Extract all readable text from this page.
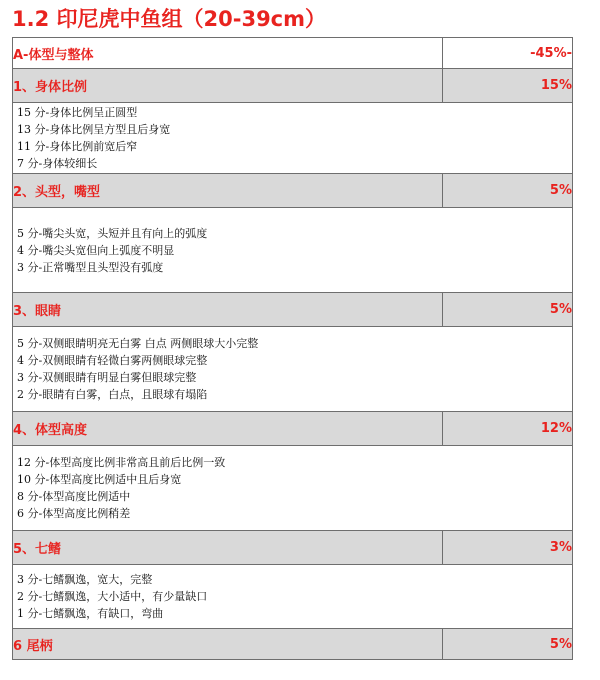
1.2 印尼虎中鱼组（20-39cm）
A-体型与整体	-45%-
1、身体比例	15%

15 分-身体比例呈正圆型
13 分-身体比例呈方型且后身宽
11 分-身体比例前宽后窄
7 分-身体较细长	

2、头型，嘴型	5%

5 分-嘴尖头宽，头短并且有向上的弧度
4 分-嘴尖头宽但向上弧度不明显
3 分-正常嘴型且头型没有弧度	

3、眼睛	5%

5 分-双侧眼睛明亮无白雾 白点 两侧眼球大小完整
4 分-双侧眼睛有轻微白雾两侧眼球完整
3 分-双侧眼睛有明显白雾但眼球完整
2 分-眼睛有白雾，白点，且眼球有塌陷	

4、体型高度	12%

12 分-体型高度比例非常高且前后比例一致
10 分-体型高度比例适中且后身宽
8 分-体型高度比例适中
6 分-体型高度比例稍差	

5、七鳍	3%

3 分-七鳍飘逸，宽大，完整
2 分-七鳍飘逸，大小适中，有少量缺口
1 分-七鳍飘逸，有缺口，弯曲	

6 尾柄	5%
